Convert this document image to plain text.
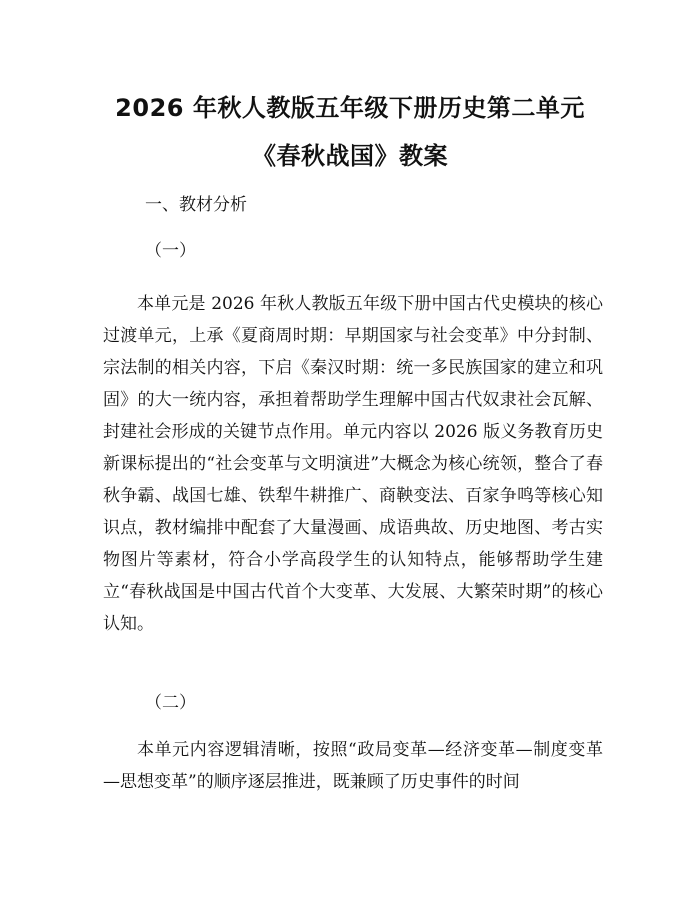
2026 年秋人教版五年级下册历史第二单元
《春秋战国》教案
一、教材分析
（一）
本单元是 2026 年秋人教版五年级下册中国古代史模块的核心过渡单元，上承《夏商周时期：早期国家与社会变革》中分封制、宗法制的相关内容，下启《秦汉时期：统一多民族国家的建立和巩固》的大一统内容，承担着帮助学生理解中国古代奴隶社会瓦解、封建社会形成的关键节点作用。单元内容以 2026 版义务教育历史新课标提出的“社会变革与文明演进”大概念为核心统领，整合了春秋争霸、战国七雄、铁犁牛耕推广、商鞅变法、百家争鸣等核心知识点，教材编排中配套了大量漫画、成语典故、历史地图、考古实物图片等素材，符合小学高段学生的认知特点，能够帮助学生建立“春秋战国是中国古代首个大变革、大发展、大繁荣时期”的核心认知。
（二）
本单元内容逻辑清晰，按照“政局变革—经济变革—制度变革—思想变革”的顺序逐层推进，既兼顾了历史事件的时间
